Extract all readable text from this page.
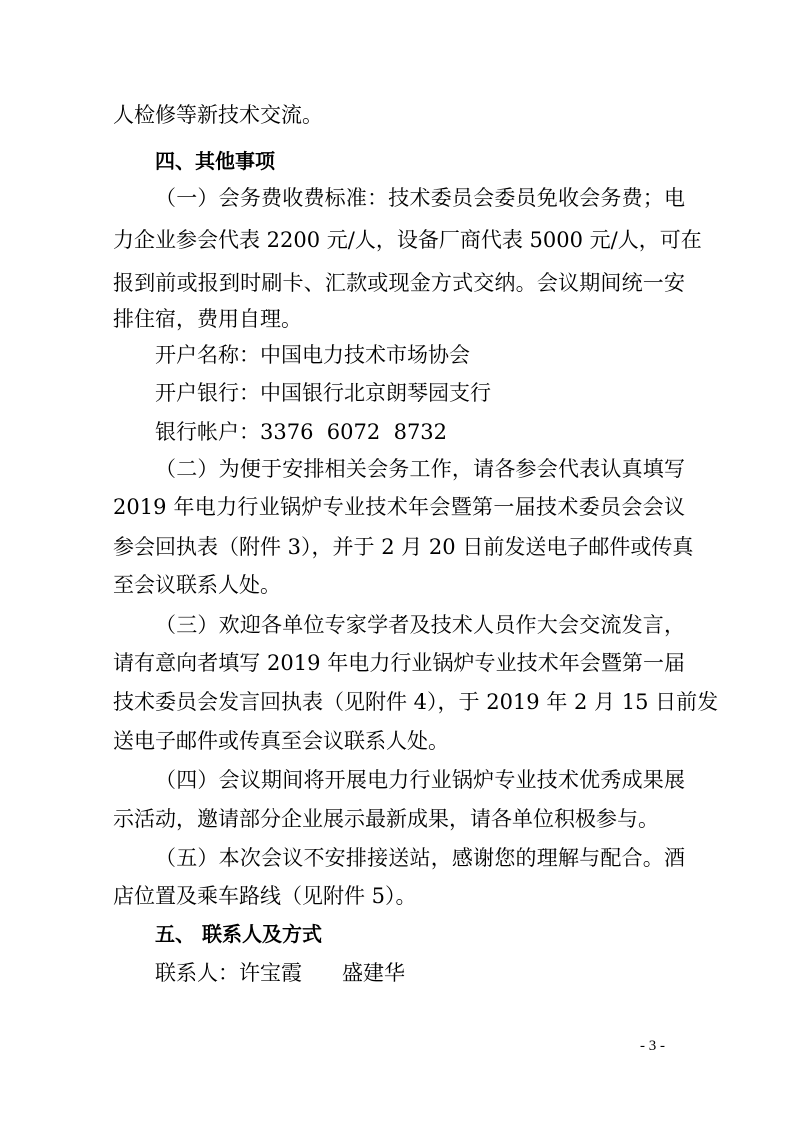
人检修等新技术交流。
四、其他事项
（一）会务费收费标准：技术委员会委员免收会务费；电
力企业参会代表 2200 元/人，设备厂商代表 5000 元/人，可在
报到前或报到时刷卡、汇款或现金方式交纳。会议期间统一安
排住宿，费用自理。
开户名称：中国电力技术市场协会
开户银行：中国银行北京朗琴园支行
银行帐户：3376  6072  8732
（二）为便于安排相关会务工作，请各参会代表认真填写
2019 年电力行业锅炉专业技术年会暨第一届技术委员会会议
参会回执表（附件 3），并于 2 月 20 日前发送电子邮件或传真
至会议联系人处。
（三）欢迎各单位专家学者及技术人员作大会交流发言，
请有意向者填写 2019 年电力行业锅炉专业技术年会暨第一届
技术委员会发言回执表（见附件 4），于 2019 年 2 月 15 日前发
送电子邮件或传真至会议联系人处。
（四）会议期间将开展电力行业锅炉专业技术优秀成果展
示活动，邀请部分企业展示最新成果，请各单位积极参与。
（五）本次会议不安排接送站，感谢您的理解与配合。酒
店位置及乘车路线（见附件 5）。
五、 联系人及方式
联系人：许宝霞      盛建华
- 3 -
